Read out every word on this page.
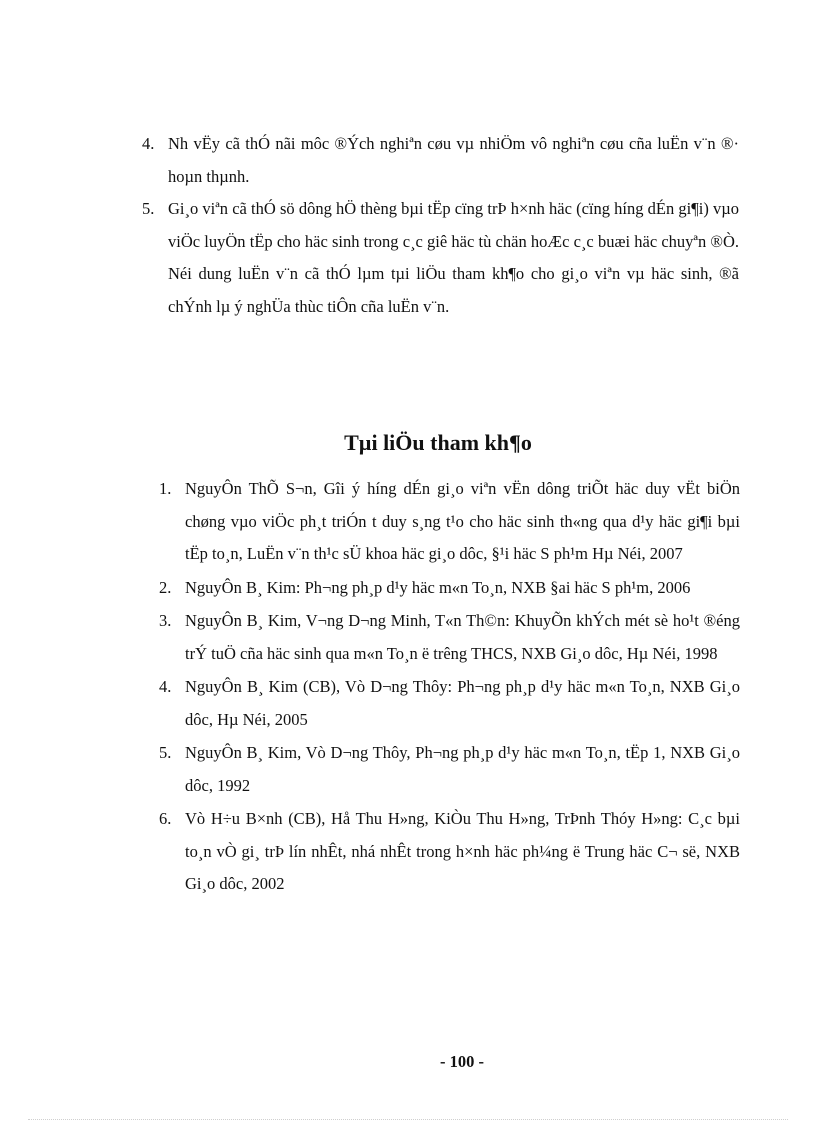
4. Nh vËy cã thÓ nãi môc ®Ých nghiªn cøu vµ nhiÖm vô nghiªn cøu cña luËn v¨n ®· hoµn thµnh.
5. Gi¸o viªn cã thÓ sö dông hÖ thèng bµi tËp cïng trÞ h×nh häc (cïng híng dÉn gi¶i) vµo viÖc luyÖn tËp cho häc sinh trong c¸c giê häc tù chän hoÆc c¸c buæi häc chuyªn ®Ò. Néi dung luËn v¨n cã thÓ lµm tµi liÖu tham kh¶o cho gi¸o viªn vµ häc sinh, ®ã chÝnh lµ ý nghÜa thùc tiÔn cña luËn v¨n.
Tµi liÖu tham kh¶o
1. NguyÔn ThÕ S¬n, Gîi ý híng dÉn gi¸o viªn vËn dông triÕt häc duy vËt biÖn chøng vµo viÖc ph¸t triÓn t duy s¸ng t¹o cho häc sinh th«ng qua d¹y häc gi¶i bµi tËp to¸n, LuËn v¨n th¹c sÜ khoa häc gi¸o dôc, §¹i häc S ph¹m Hµ Néi, 2007
2. NguyÔn B¸ Kim: Ph¬ng ph¸p d¹y häc m«n To¸n, NXB §ai häc S ph¹m, 2006
3. NguyÔn B¸ Kim, V¬ng D¬ng Minh, T«n Th©n: KhuyÕn khÝch mét sè ho¹t ®éng trÝ tuÖ cña häc sinh qua m«n To¸n ë trêng THCS, NXB Gi¸o dôc, Hµ Néi, 1998
4. NguyÔn B¸ Kim (CB), Vò D¬ng Thôy: Ph¬ng ph¸p d¹y häc m«n To¸n, NXB Gi¸o dôc, Hµ Néi, 2005
5. NguyÔn B¸ Kim, Vò D¬ng Thôy, Ph¬ng ph¸p d¹y häc m«n To¸n, tËp 1, NXB Gi¸o dôc, 1992
6. Vò H÷u B×nh (CB), Hå Thu H»ng, KiÒu Thu H»ng, TrÞnh Thóy H»ng: C¸c bµi to¸n vÒ gi¸ trÞ lín nhÊt, nhá nhÊt trong h×nh häc ph¼ng ë Trung häc C¬ së, NXB Gi¸o dôc, 2002
- 100 -
